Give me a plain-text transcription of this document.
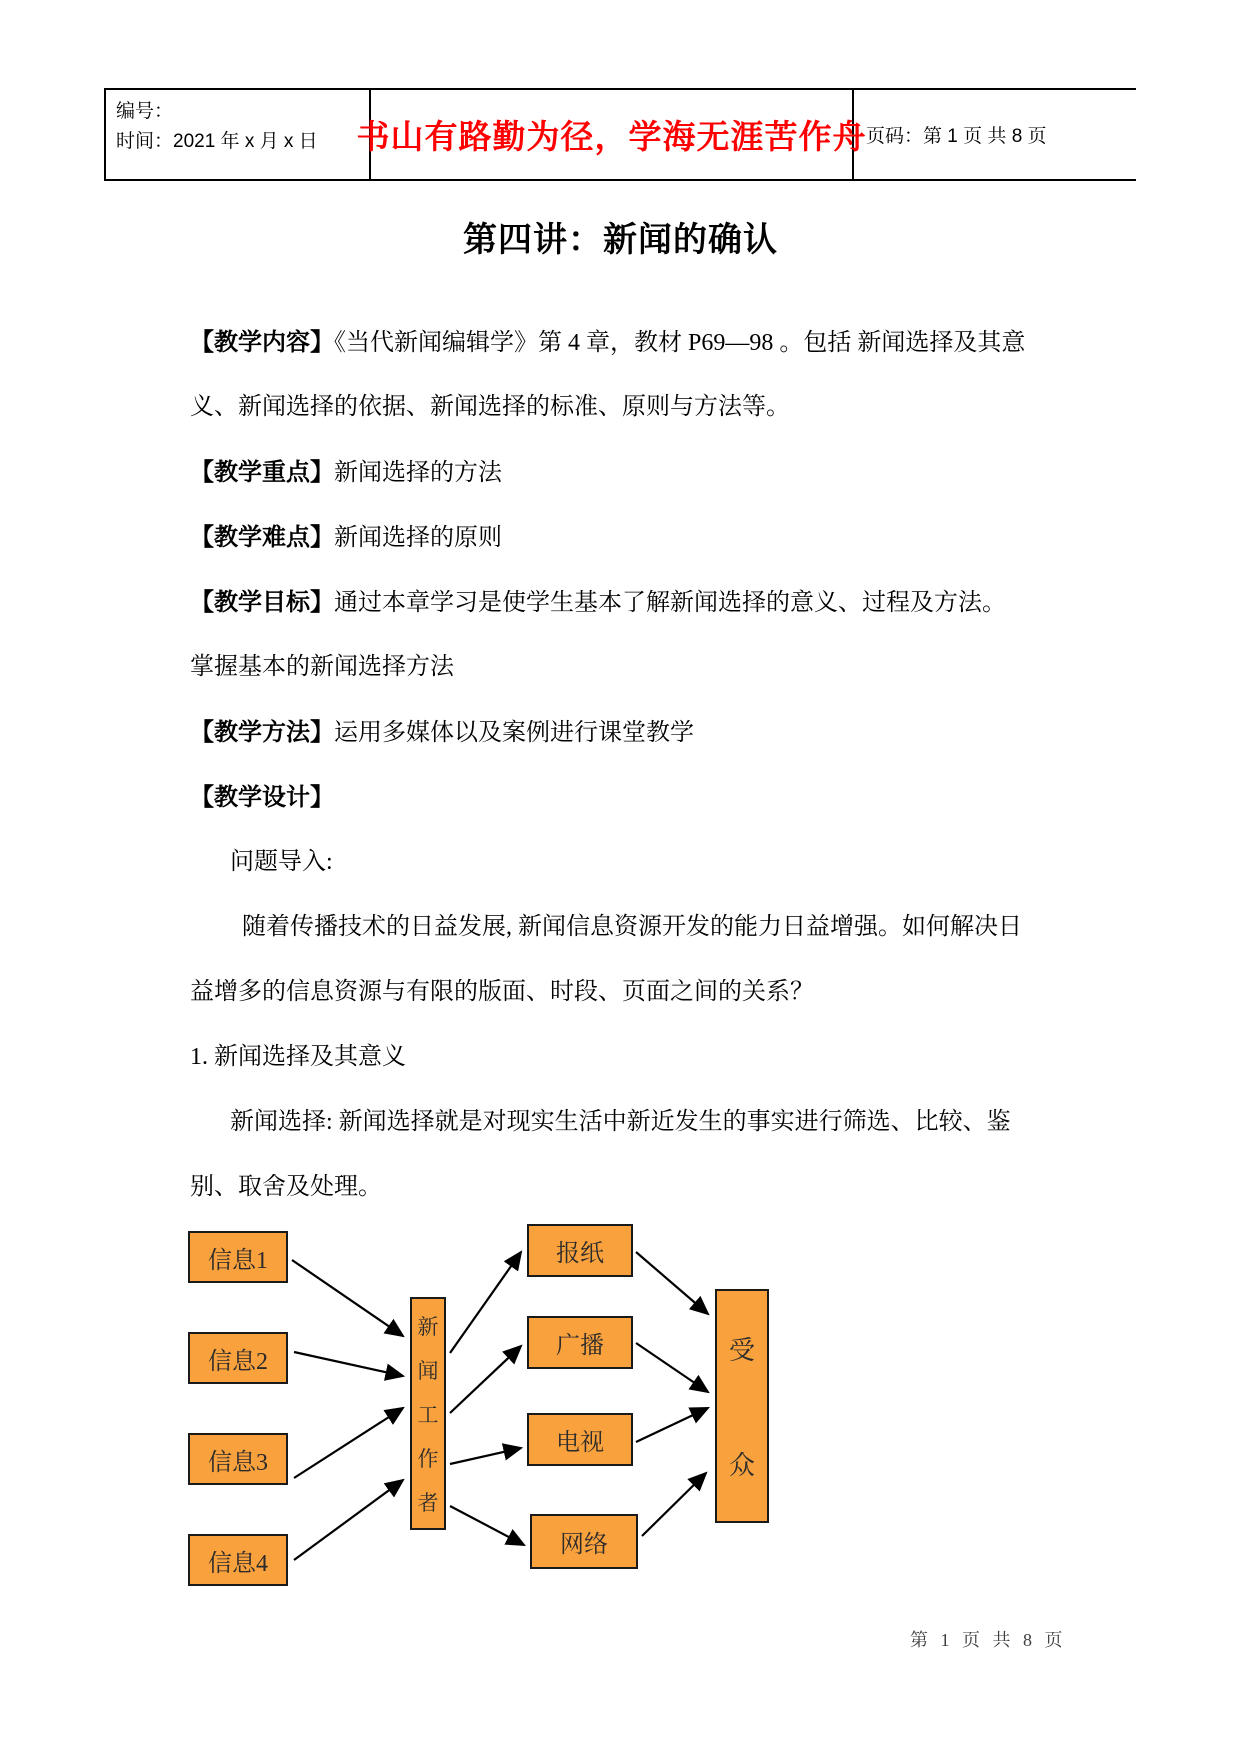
编号：
时间：2021 年 x 月 x 日	书山有路勤为径，学海无涯苦作舟 页码：第 1 页 共 8 页
第四讲：新闻的确认
【教学内容】《当代新闻编辑学》第 4 章，教材 P69—98 。包括 新闻选择及其意
义、新闻选择的依据、新闻选择的标准、原则与方法等。
【教学重点】新闻选择的方法
【教学难点】新闻选择的原则
【教学目标】通过本章学习是使学生基本了解新闻选择的意义、过程及方法。
掌握基本的新闻选择方法
【教学方法】运用多媒体以及案例进行课堂教学
【教学设计】
问题导入:
随着传播技术的日益发展, 新闻信息资源开发的能力日益增强。如何解决日
益增多的信息资源与有限的版面、时段、页面之间的关系？
1. 新闻选择及其意义
新闻选择: 新闻选择就是对现实生活中新近发生的事实进行筛选、比较、鉴
别、取舍及处理。
信息1
信息2
信息3
信息4
新闻工作者
报纸
广播
电视
网络
受
众
第 1 页 共 8 页
